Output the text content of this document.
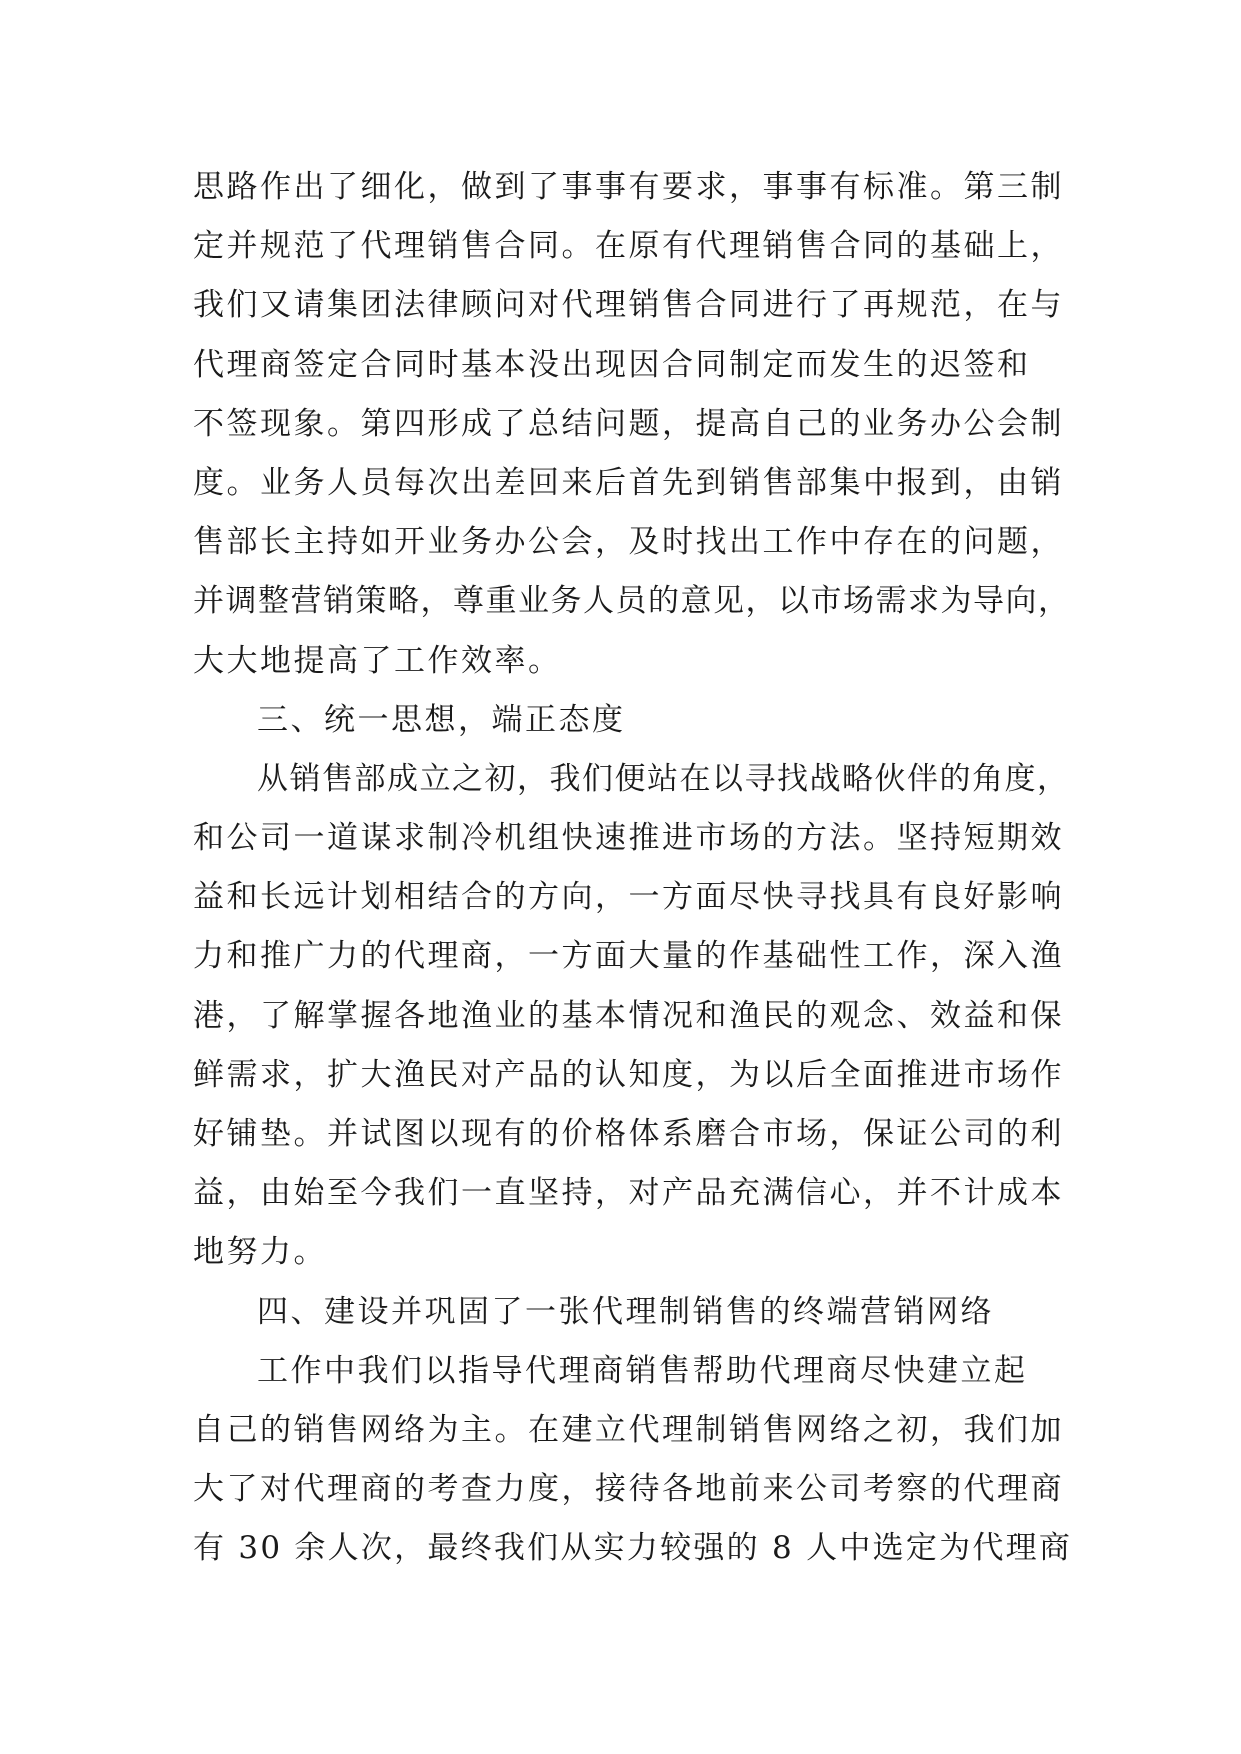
思路作出了细化，做到了事事有要求，事事有标准。第三制
定并规范了代理销售合同。在原有代理销售合同的基础上，
我们又请集团法律顾问对代理销售合同进行了再规范，在与
代理商签定合同时基本没出现因合同制定而发生的迟签和
不签现象。第四形成了总结问题，提高自己的业务办公会制
度。业务人员每次出差回来后首先到销售部集中报到，由销
售部长主持如开业务办公会，及时找出工作中存在的问题，
并调整营销策略，尊重业务人员的意见，以市场需求为导向，
大大地提高了工作效率。
三、统一思想，端正态度
从销售部成立之初，我们便站在以寻找战略伙伴的角度，
和公司一道谋求制冷机组快速推进市场的方法。坚持短期效
益和长远计划相结合的方向，一方面尽快寻找具有良好影响
力和推广力的代理商，一方面大量的作基础性工作，深入渔
港，了解掌握各地渔业的基本情况和渔民的观念、效益和保
鲜需求，扩大渔民对产品的认知度，为以后全面推进市场作
好铺垫。并试图以现有的价格体系磨合市场，保证公司的利
益，由始至今我们一直坚持，对产品充满信心，并不计成本
地努力。
四、建设并巩固了一张代理制销售的终端营销网络
工作中我们以指导代理商销售帮助代理商尽快建立起
自己的销售网络为主。在建立代理制销售网络之初，我们加
大了对代理商的考查力度，接待各地前来公司考察的代理商
有 30 余人次，最终我们从实力较强的 8 人中选定为代理商
